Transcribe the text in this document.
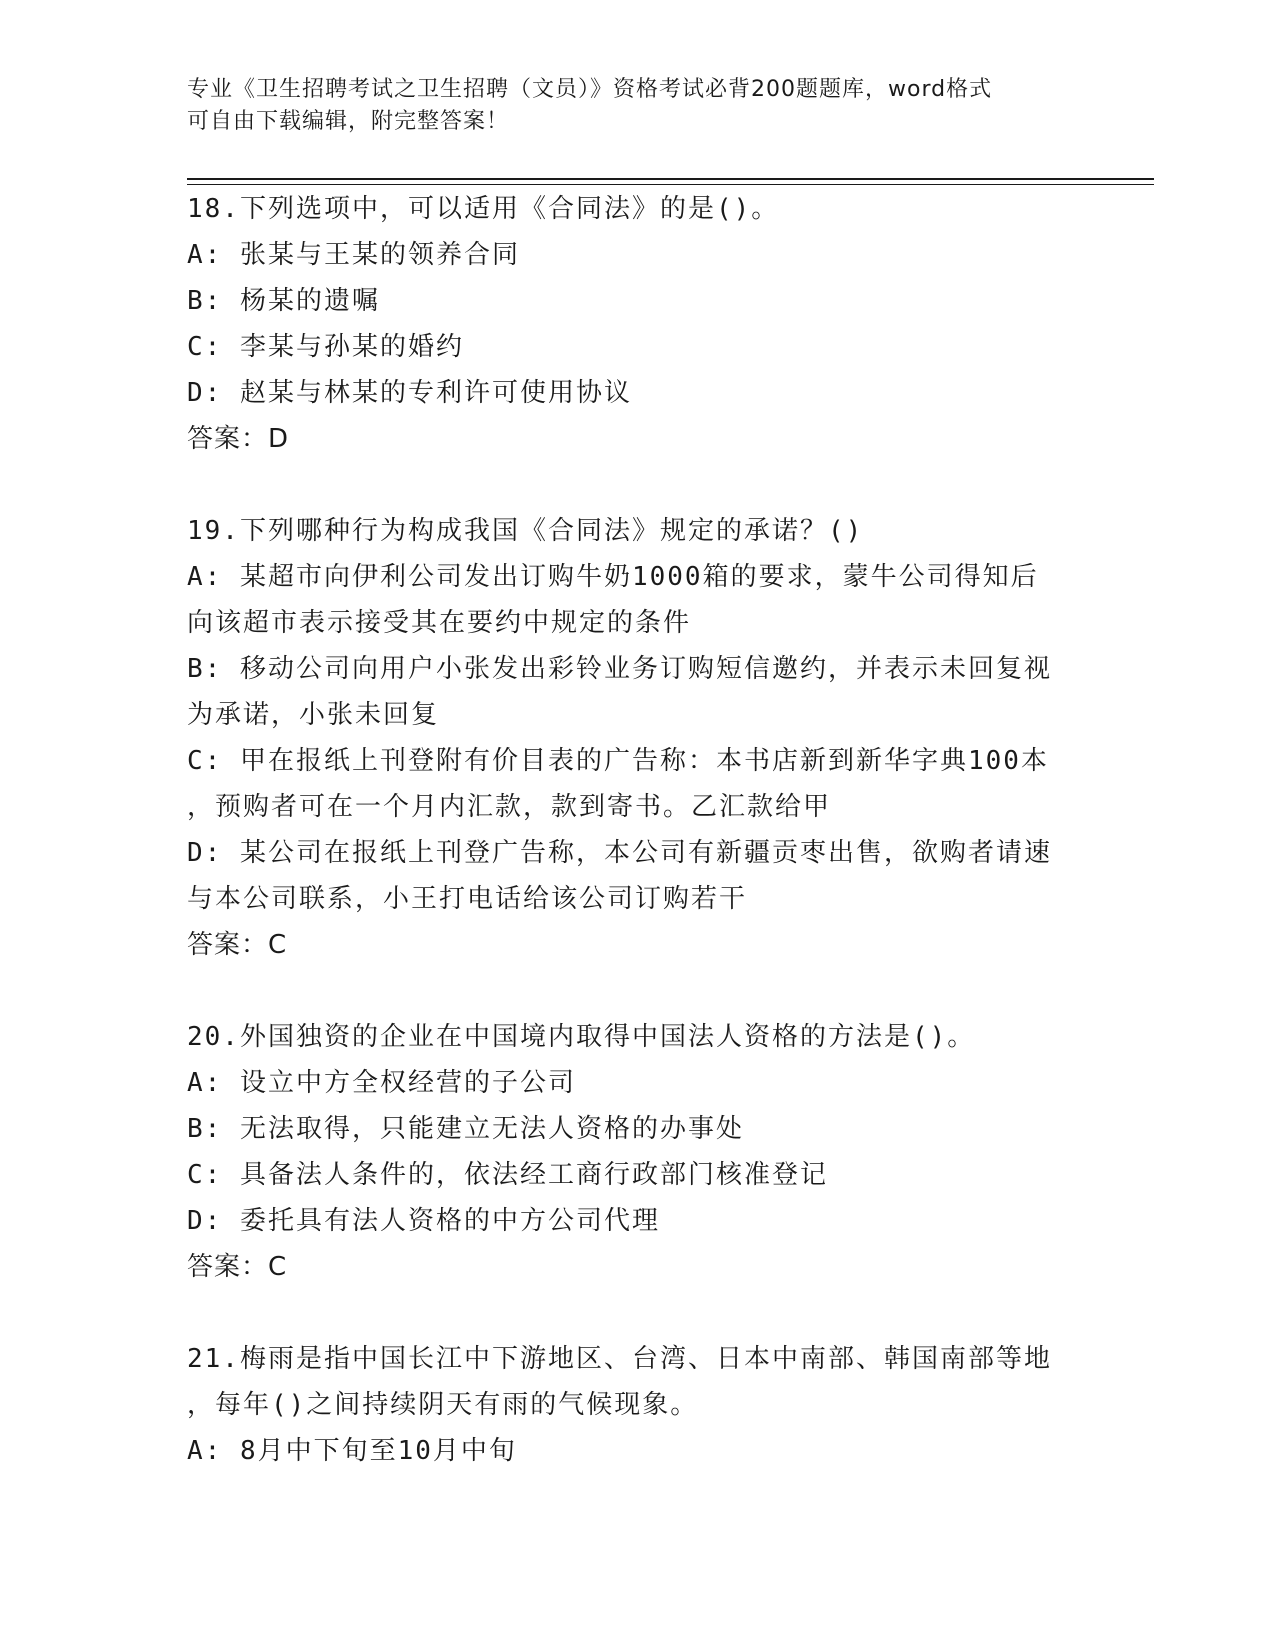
专业《卫生招聘考试之卫生招聘（文员）》资格考试必背200题题库，word格式
可自由下载编辑，附完整答案！
18.下列选项中，可以适用《合同法》的是()。
A: 张某与王某的领养合同
B: 杨某的遗嘱
C: 李某与孙某的婚约
D: 赵某与林某的专利许可使用协议
答案：D
19.下列哪种行为构成我国《合同法》规定的承诺？()
A: 某超市向伊利公司发出订购牛奶1000箱的要求，蒙牛公司得知后
向该超市表示接受其在要约中规定的条件
B: 移动公司向用户小张发出彩铃业务订购短信邀约，并表示未回复视
为承诺，小张未回复
C: 甲在报纸上刊登附有价目表的广告称：本书店新到新华字典100本
，预购者可在一个月内汇款，款到寄书。乙汇款给甲
D: 某公司在报纸上刊登广告称，本公司有新疆贡枣出售，欲购者请速
与本公司联系，小王打电话给该公司订购若干
答案：C
20.外国独资的企业在中国境内取得中国法人资格的方法是()。
A: 设立中方全权经营的子公司
B: 无法取得，只能建立无法人资格的办事处
C: 具备法人条件的，依法经工商行政部门核准登记
D: 委托具有法人资格的中方公司代理
答案：C
21.梅雨是指中国长江中下游地区、台湾、日本中南部、韩国南部等地
，每年()之间持续阴天有雨的气候现象。
A: 8月中下旬至10月中旬
